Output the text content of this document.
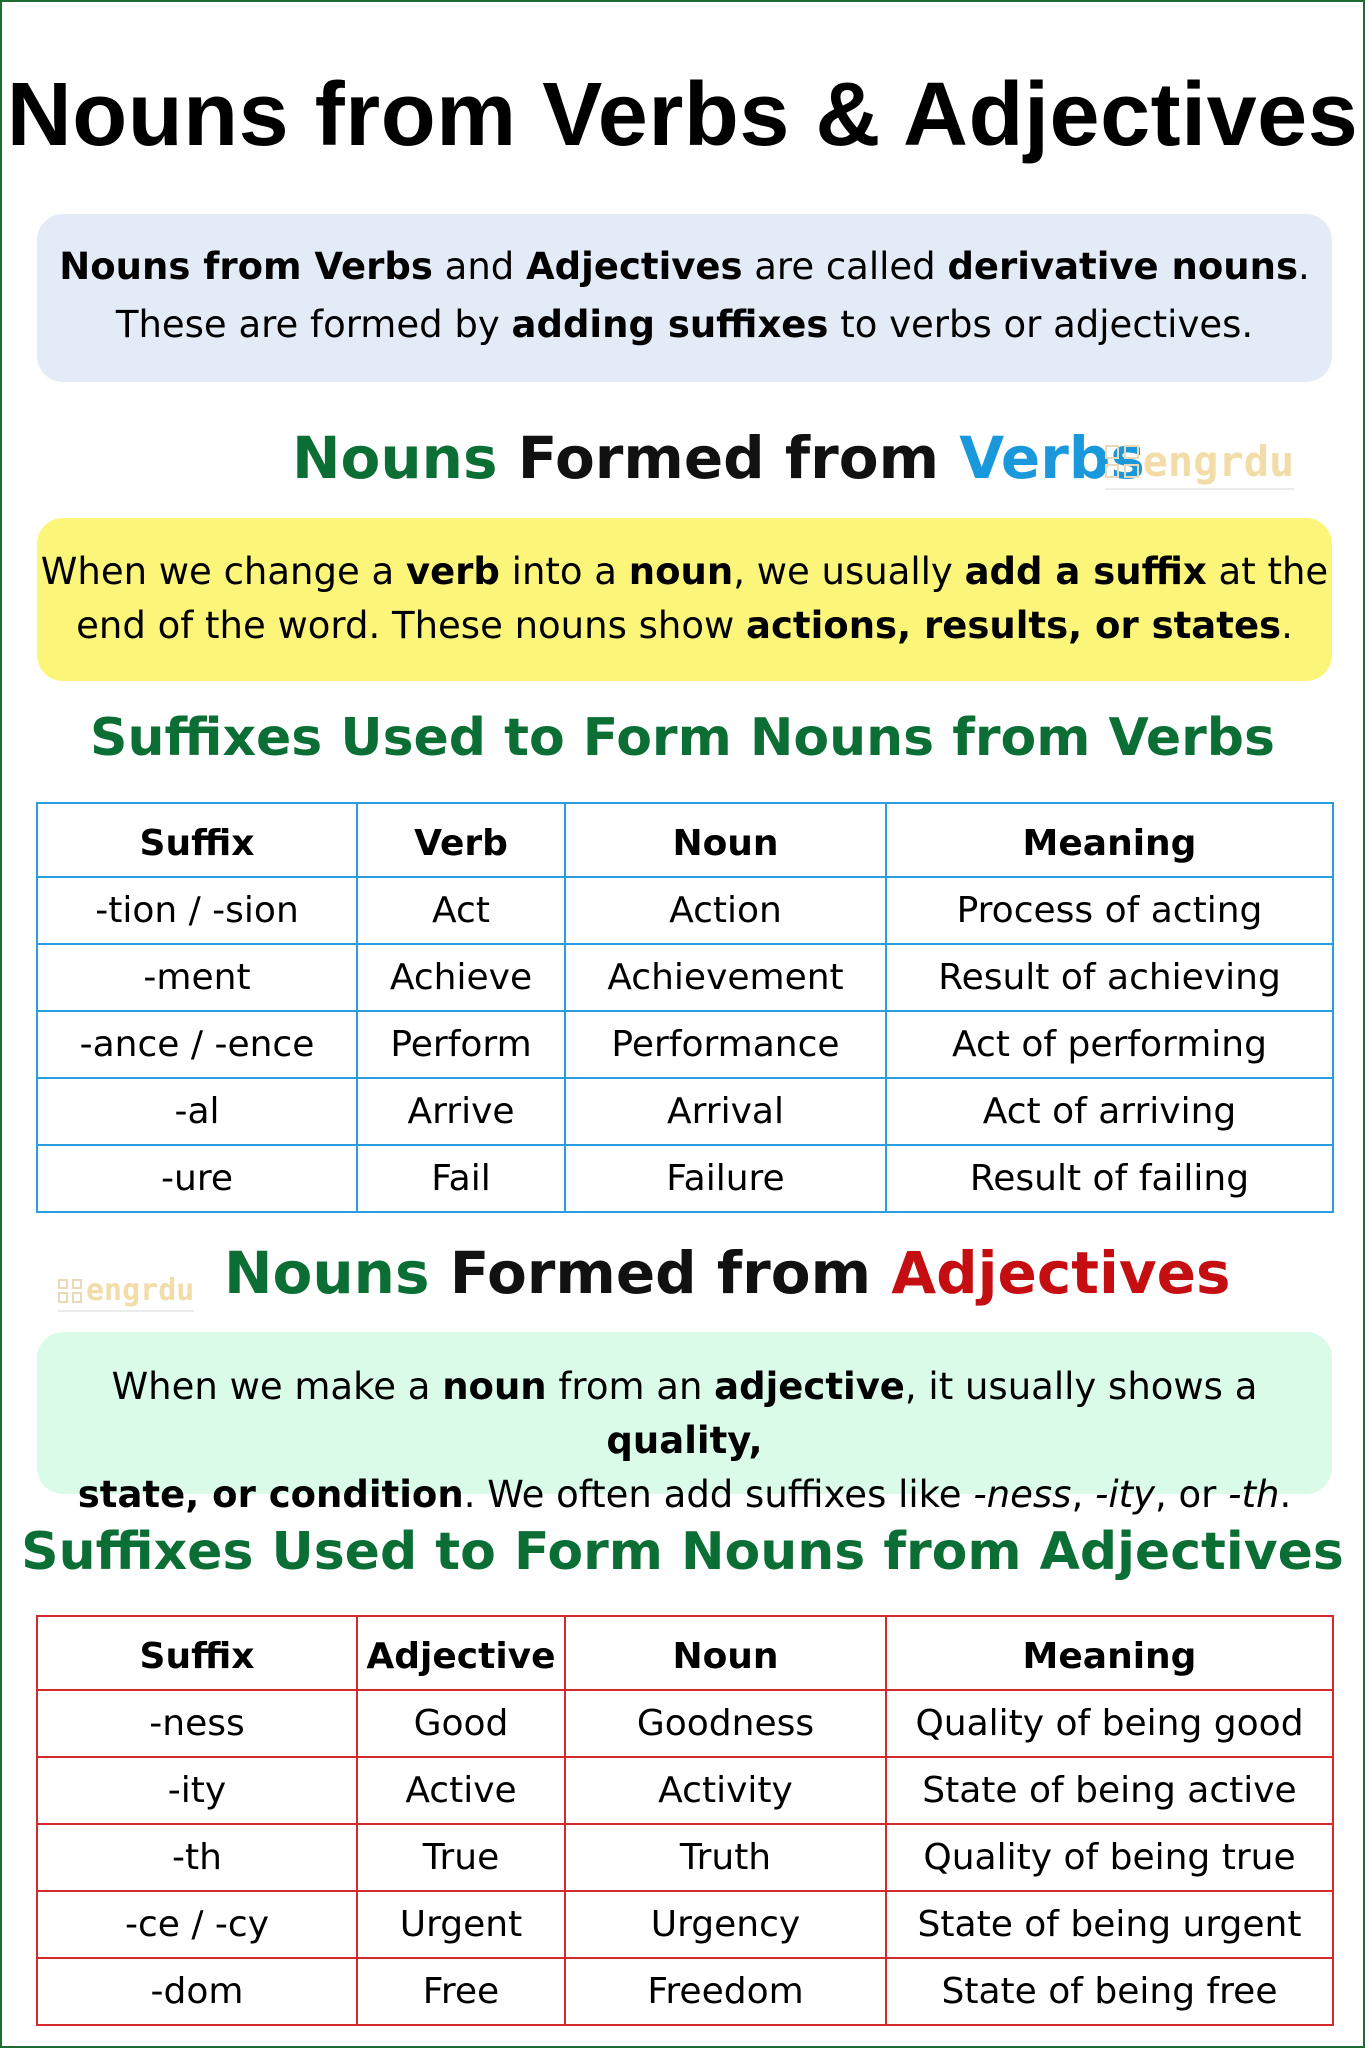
Nouns from Verbs & Adjectives
Nouns from Verbs and Adjectives are called derivative nouns.
These are formed by adding suffixes to verbs or adjectives.
Nouns Formed from Verbs
engrdu
When we change a verb into a noun, we usually add a suffix at the
end of the word. These nouns show actions, results, or states.
Suffixes Used to Form Nouns from Verbs
Suffix	Verb	Noun	Meaning
-tion / -sion	Act	Action	Process of acting
-ment	Achieve	Achievement	Result of achieving
-ance / -ence	Perform	Performance	Act of performing
-al	Arrive	Arrival	Act of arriving
-ure	Fail	Failure	Result of failing
Nouns Formed from Adjectives
engrdu
When we make a noun from an adjective, it usually shows a quality,
state, or condition. We often add suffixes like -ness, -ity, or -th.
Suffixes Used to Form Nouns from Adjectives
Suffix	Adjective	Noun	Meaning
-ness	Good	Goodness	Quality of being good
-ity	Active	Activity	State of being active
-th	True	Truth	Quality of being true
-ce / -cy	Urgent	Urgency	State of being urgent
-dom	Free	Freedom	State of being free
